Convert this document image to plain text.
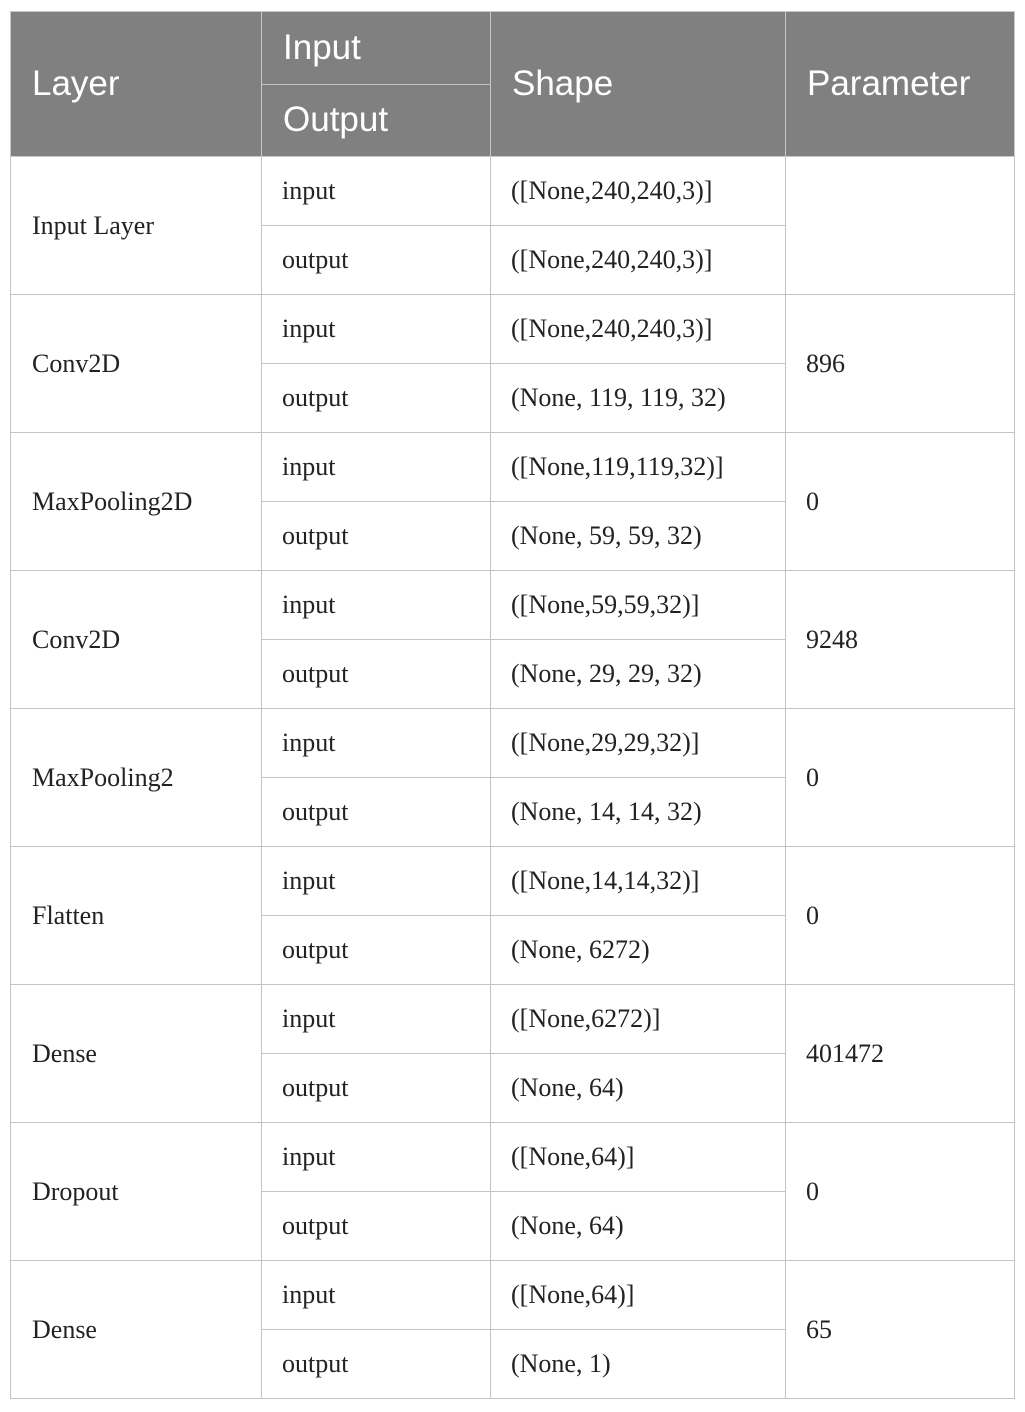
Layer	Input	Shape	Parameter
	Output		
Input Layer	input	([None,240,240,3)]	
	output	([None,240,240,3)]	
Conv2D	input	([None,240,240,3)]	896
	output	(None, 119, 119, 32)	
MaxPooling2D	input	([None,119,119,32)]	0
	output	(None, 59, 59, 32)	
Conv2D	input	([None,59,59,32)]	9248
	output	(None, 29, 29, 32)	
MaxPooling2	input	([None,29,29,32)]	0
	output	(None, 14, 14, 32)	
Flatten	input	([None,14,14,32)]	0
	output	(None, 6272)	
Dense	input	([None,6272)]	401472
	output	(None, 64)	
Dropout	input	([None,64)]	0
	output	(None, 64)	
Dense	input	([None,64)]	65
	output	(None, 1)	
